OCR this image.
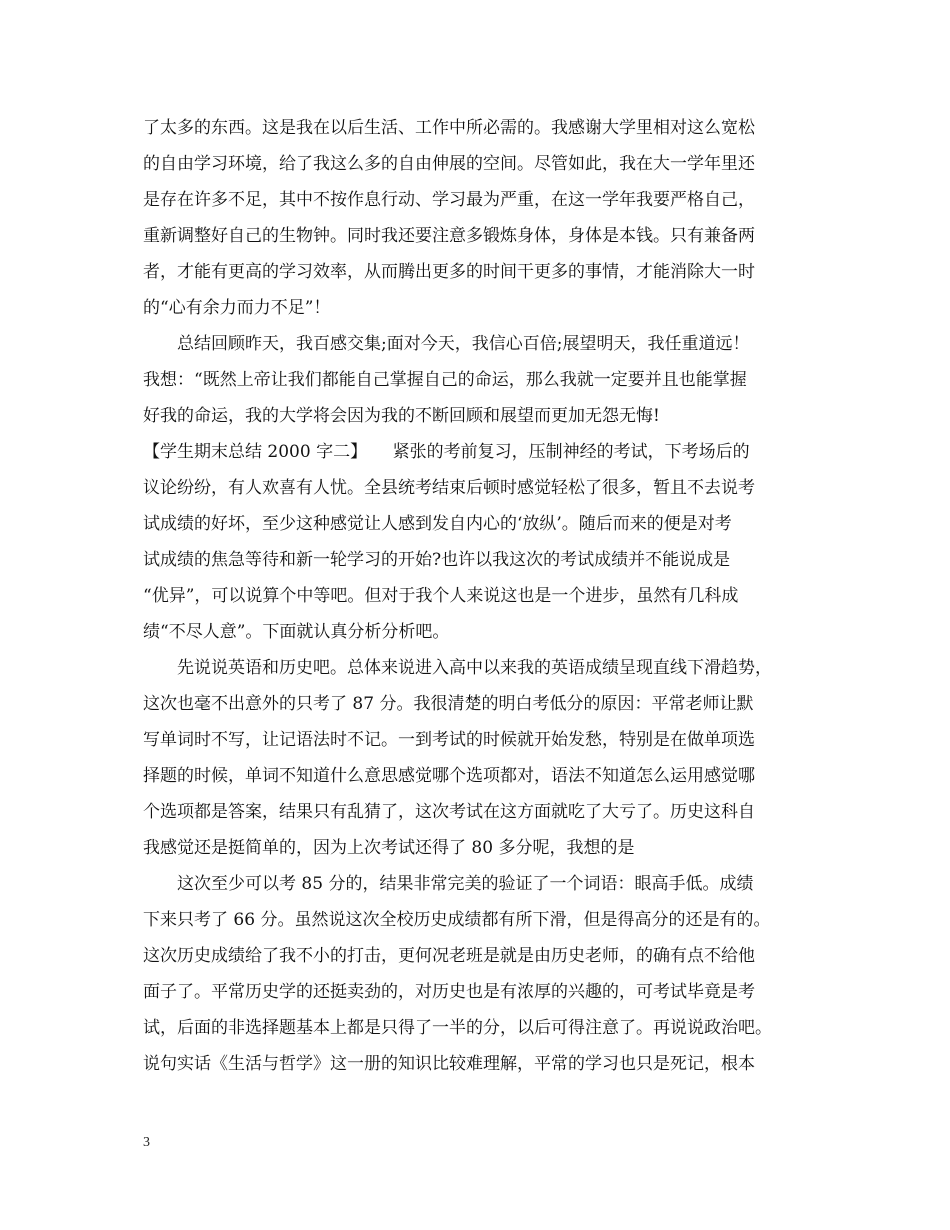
了太多的东西。这是我在以后生活、工作中所必需的。我感谢大学里相对这么宽松
的自由学习环境，给了我这么多的自由伸展的空间。尽管如此，我在大一学年里还
是存在许多不足，其中不按作息行动、学习最为严重，在这一学年我要严格自己，
重新调整好自己的生物钟。同时我还要注意多锻炼身体，身体是本钱。只有兼备两
者，才能有更高的学习效率，从而腾出更多的时间干更多的事情，才能消除大一时
的“心有余力而力不足”！
总结回顾昨天，我百感交集;面对今天，我信心百倍;展望明天，我任重道远！
我想：“既然上帝让我们都能自己掌握自己的命运，那么我就一定要并且也能掌握
好我的命运，我的大学将会因为我的不断回顾和展望而更加无怨无悔!
【学生期末总结 2000 字二】　　紧张的考前复习，压制神经的考试，下考场后的
议论纷纷，有人欢喜有人忧。全县统考结束后顿时感觉轻松了很多，暂且不去说考
试成绩的好坏，至少这种感觉让人感到发自内心的‘放纵’。随后而来的便是对考
试成绩的焦急等待和新一轮学习的开始?也许以我这次的考试成绩并不能说成是
“优异”，可以说算个中等吧。但对于我个人来说这也是一个进步，虽然有几科成
绩“不尽人意”。下面就认真分析分析吧。
先说说英语和历史吧。总体来说进入高中以来我的英语成绩呈现直线下滑趋势，
这次也毫不出意外的只考了 87 分。我很清楚的明白考低分的原因：平常老师让默
写单词时不写，让记语法时不记。一到考试的时候就开始发愁，特别是在做单项选
择题的时候，单词不知道什么意思感觉哪个选项都对，语法不知道怎么运用感觉哪
个选项都是答案，结果只有乱猜了，这次考试在这方面就吃了大亏了。历史这科自
我感觉还是挺简单的，因为上次考试还得了 80 多分呢，我想的是
这次至少可以考 85 分的，结果非常完美的验证了一个词语：眼高手低。成绩
下来只考了 66 分。虽然说这次全校历史成绩都有所下滑，但是得高分的还是有的。
这次历史成绩给了我不小的打击，更何况老班是就是由历史老师，的确有点不给他
面子了。平常历史学的还挺卖劲的，对历史也是有浓厚的兴趣的，可考试毕竟是考
试，后面的非选择题基本上都是只得了一半的分，以后可得注意了。再说说政治吧。
说句实话《生活与哲学》这一册的知识比较难理解，平常的学习也只是死记，根本
3
